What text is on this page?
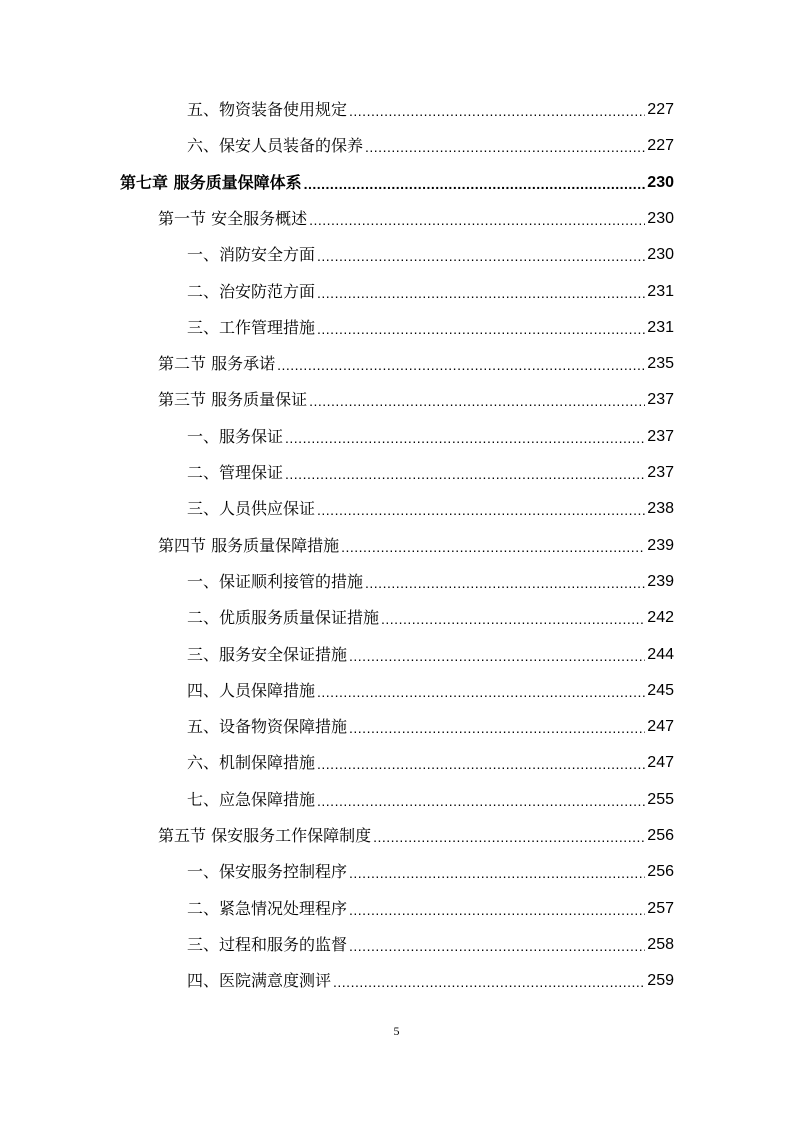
五、物资装备使用规定 .....	227
六、保安人员装备的保养 .....	227
第七章 服务质量保障体系 .....	230
第一节 安全服务概述 .....	230
一、消防安全方面 .....	230
二、治安防范方面 .....	231
三、工作管理措施 .....	231
第二节 服务承诺 .....	235
第三节 服务质量保证 .....	237
一、服务保证 .....	237
二、管理保证 .....	237
三、人员供应保证 .....	238
第四节 服务质量保障措施 .....	239
一、保证顺利接管的措施 .....	239
二、优质服务质量保证措施 .....	242
三、服务安全保证措施 .....	244
四、人员保障措施 .....	245
五、设备物资保障措施 .....	247
六、机制保障措施 .....	247
七、应急保障措施 .....	255
第五节 保安服务工作保障制度 .....	256
一、保安服务控制程序 .....	256
二、紧急情况处理程序 .....	257
三、过程和服务的监督 .....	258
四、医院满意度测评 .....	259
5
